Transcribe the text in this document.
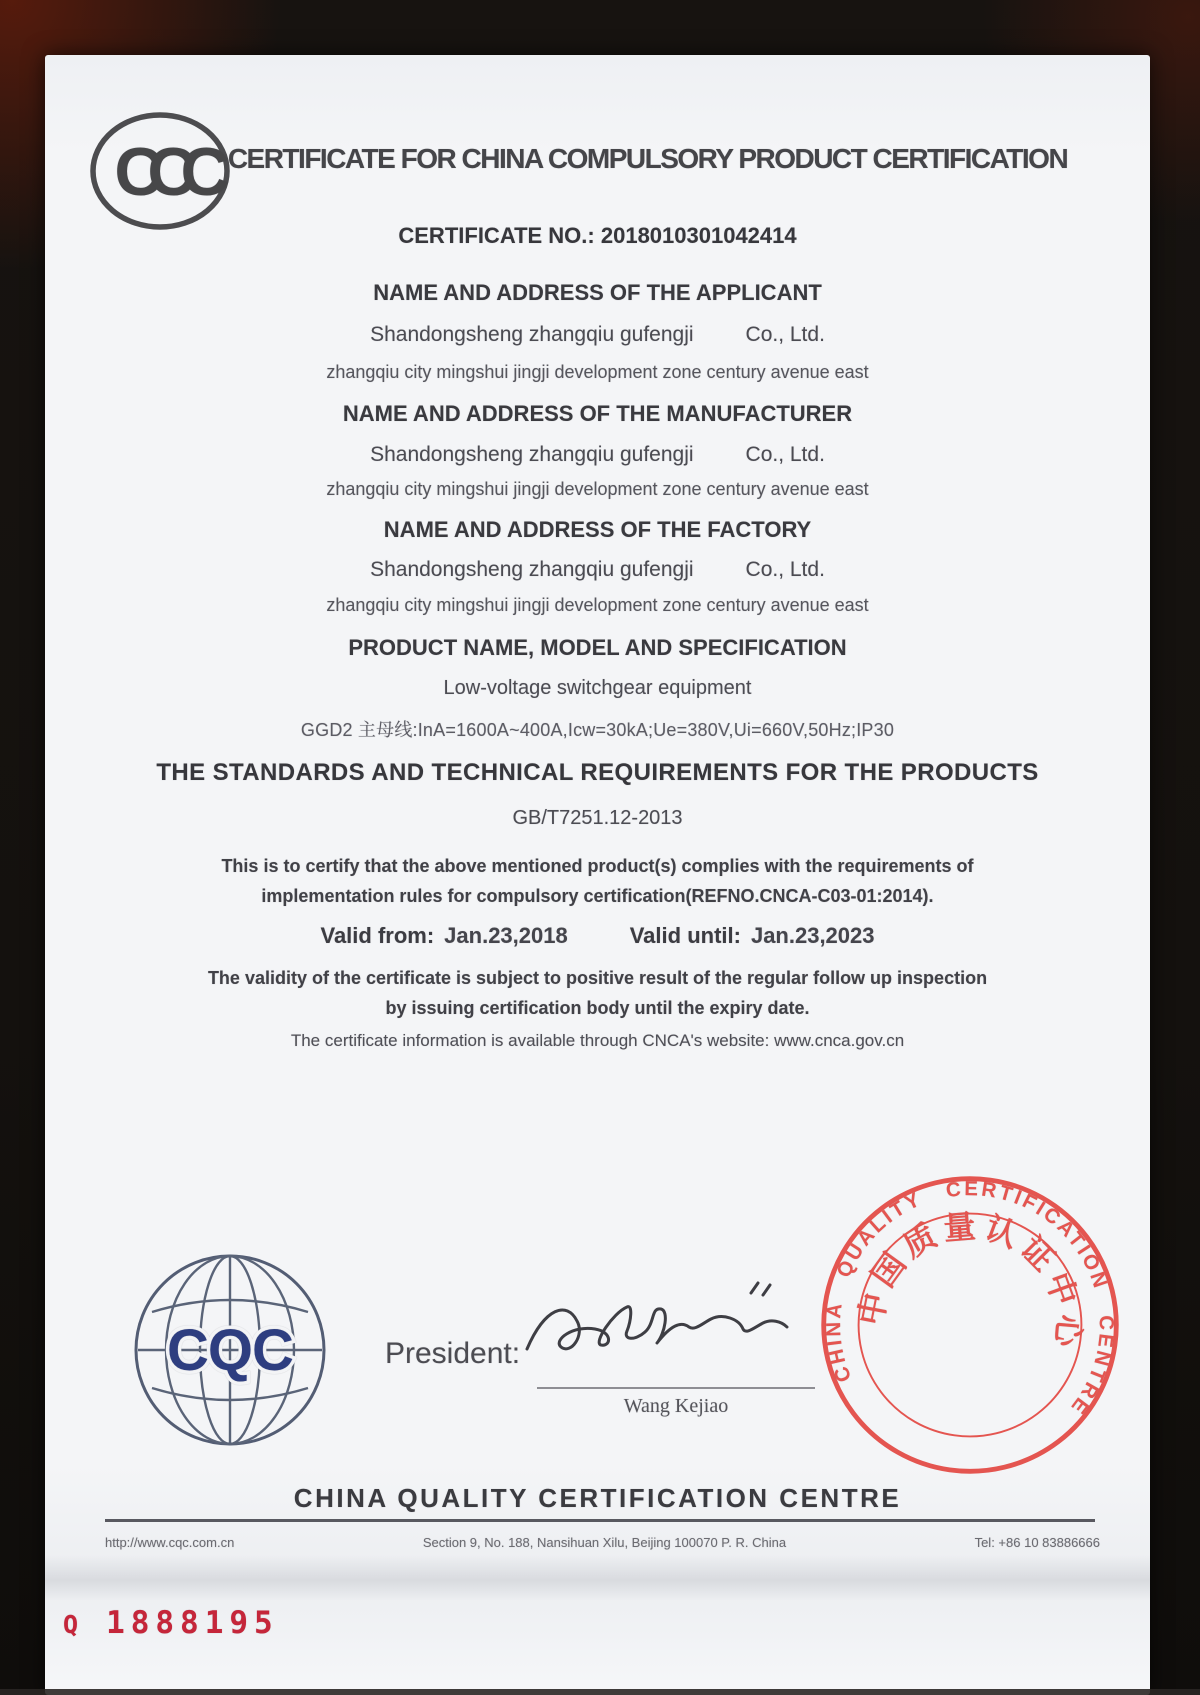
CCC CERTIFICATE FOR CHINA COMPULSORY PRODUCT CERTIFICATION
CERTIFICATE NO.: 2018010301042414
NAME AND ADDRESS OF THE APPLICANT
Shandongsheng zhangqiu gufengji Co., Ltd.
zhangqiu city mingshui jingji development zone century avenue east
NAME AND ADDRESS OF THE MANUFACTURER
Shandongsheng zhangqiu gufengji Co., Ltd.
zhangqiu city mingshui jingji development zone century avenue east
NAME AND ADDRESS OF THE FACTORY
Shandongsheng zhangqiu gufengji Co., Ltd.
zhangqiu city mingshui jingji development zone century avenue east
PRODUCT NAME, MODEL AND SPECIFICATION
Low-voltage switchgear equipment
GGD2 主母线:InA=1600A~400A,Icw=30kA;Ue=380V,Ui=660V,50Hz;IP30
THE STANDARDS AND TECHNICAL REQUIREMENTS FOR THE PRODUCTS
GB/T7251.12-2013
This is to certify that the above mentioned product(s) complies with the requirements of implementation rules for compulsory certification(REFNO.CNCA-C03-01:2014).
Valid from: Jan.23,2018	Valid until: Jan.23,2023
The validity of the certificate is subject to positive result of the regular follow up inspection by issuing certification body until the expiry date.
The certificate information is available through CNCA's website: www.cnca.gov.cn
CQC	President:
Wang Kejiao
CHINA QUALITY CERTIFICATION CENTRE
中国质量认证中心
CHINA QUALITY CERTIFICATION CENTRE
http://www.cqc.com.cn	Section 9, No. 188, Nansihuan Xilu, Beijing 100070 P. R. China	Tel: +86 10 83886666
Q 1888195
